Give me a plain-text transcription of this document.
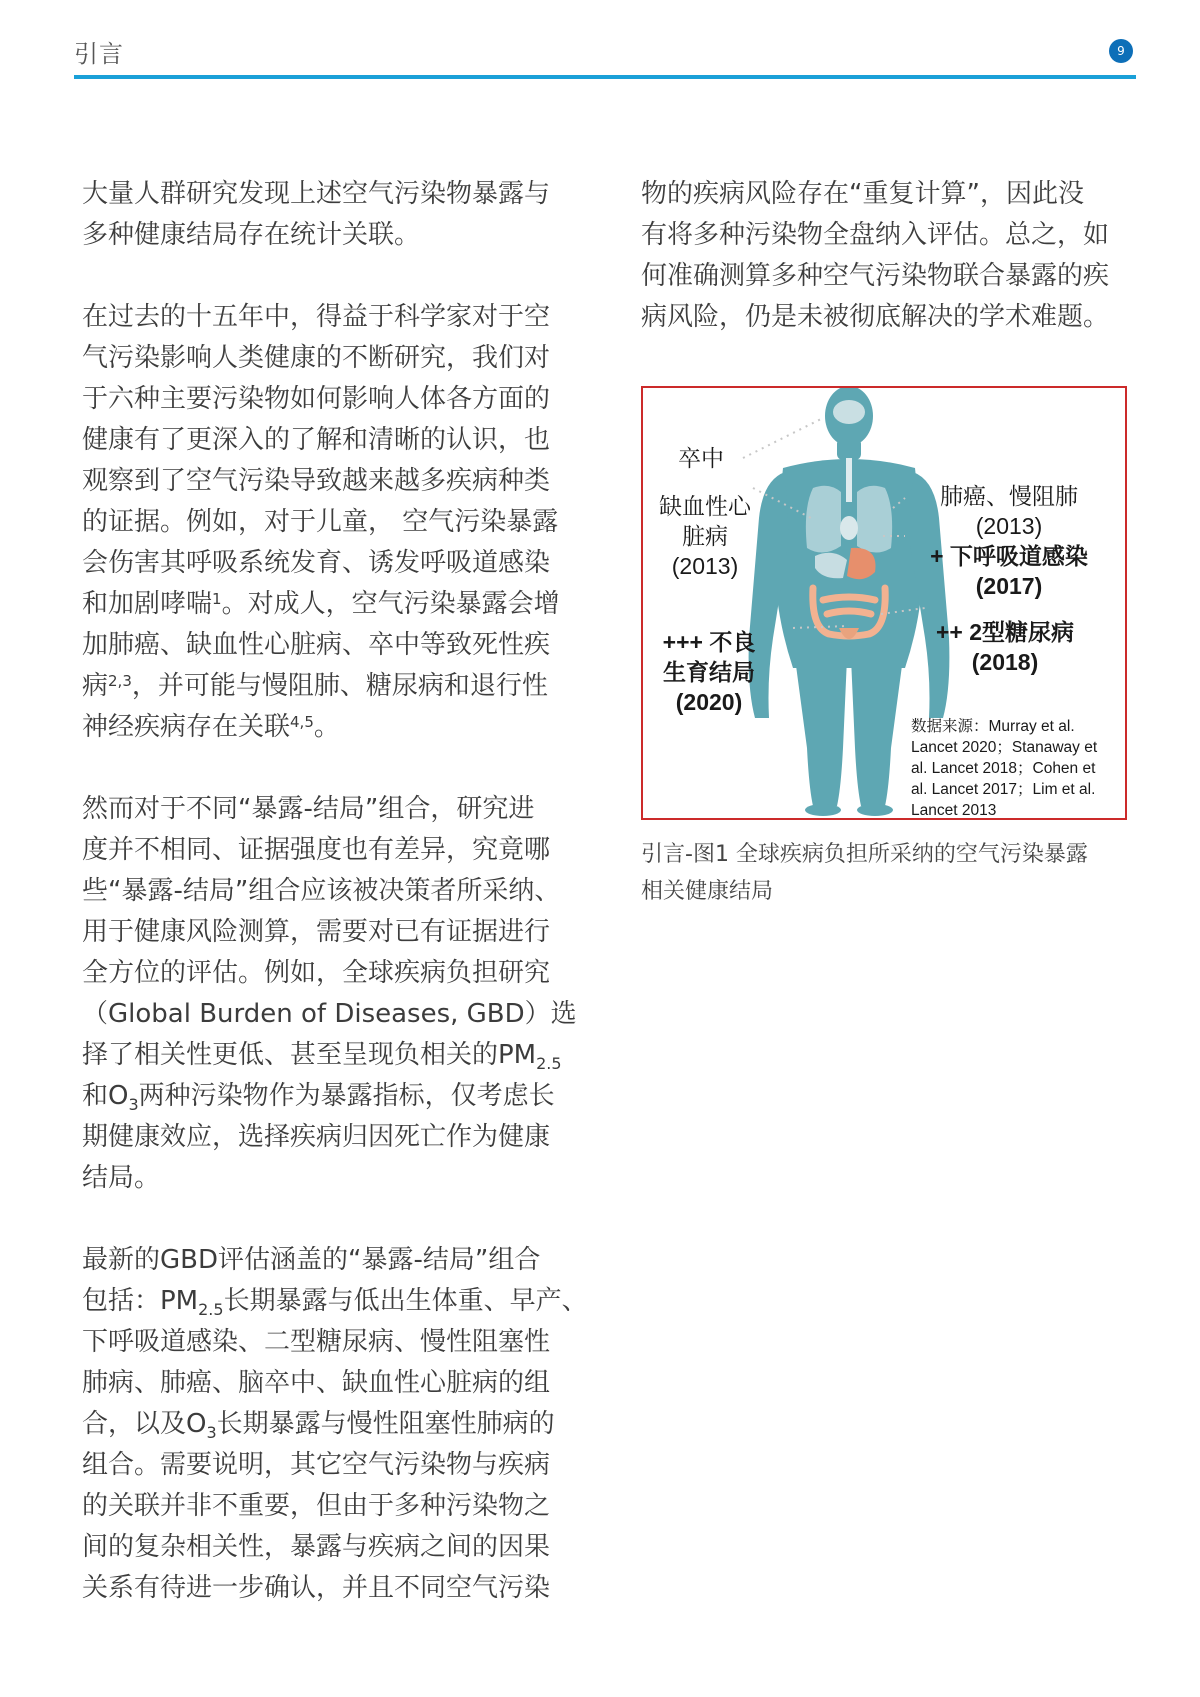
引言	9

大量人群研究发现上述空气污染物暴露与
多种健康结局存在统计关联。

在过去的十五年中，得益于科学家对于空
气污染影响人类健康的不断研究，我们对
于六种主要污染物如何影响人体各方面的
健康有了更深入的了解和清晰的认识，也
观察到了空气污染导致越来越多疾病种类
的证据。例如，对于儿童， 空气污染暴露
会伤害其呼吸系统发育、诱发呼吸道感染
和加剧哮喘$^1$。对成人，空气污染暴露会增
加肺癌、缺血性心脏病、卒中等致死性疾
病$^{2,3}$，并可能与慢阻肺、糖尿病和退行性
神经疾病存在关联$^{4,5}$。

然而对于不同“暴露-结局”组合，研究进
度并不相同、证据强度也有差异，究竟哪
些“暴露-结局”组合应该被决策者所采纳、
用于健康风险测算，需要对已有证据进行
全方位的评估。例如，全球疾病负担研究
（Global Burden of Diseases, GBD）选
择了相关性更低、甚至呈现负相关的$PM_{2.5}$
和$O_3$两种污染物作为暴露指标，仅考虑长
期健康效应，选择疾病归因死亡作为健康
结局。

最新的GBD评估涵盖的“暴露-结局”组合
包括：$PM_{2.5}$长期暴露与低出生体重、早产、
下呼吸道感染、二型糖尿病、慢性阻塞性
肺病、肺癌、脑卒中、缺血性心脏病的组
合，以及$O_3$长期暴露与慢性阻塞性肺病的
组合。需要说明，其它空气污染物与疾病
的关联并非不重要，但由于多种污染物之
间的复杂相关性，暴露与疾病之间的因果
关系有待进一步确认，并且不同空气污染

物的疾病风险存在“重复计算”，因此没
有将多种污染物全盘纳入评估。总之，如
何准确测算多种空气污染物联合暴露的疾
病风险，仍是未被彻底解决的学术难题。

卒中
缺血性心
脏病
(2013)
肺癌、慢阻肺
(2013)
+ 下呼吸道感染
(2017)
++ 2型糖尿病
(2018)
+++ 不良
生育结局
(2020)
数据来源：Murray et al.
Lancet 2020；Stanaway et
al. Lancet 2018；Cohen et
al. Lancet 2017；Lim et al.
Lancet 2013
引言-图1 全球疾病负担所采纳的空气污染暴露
相关健康结局
